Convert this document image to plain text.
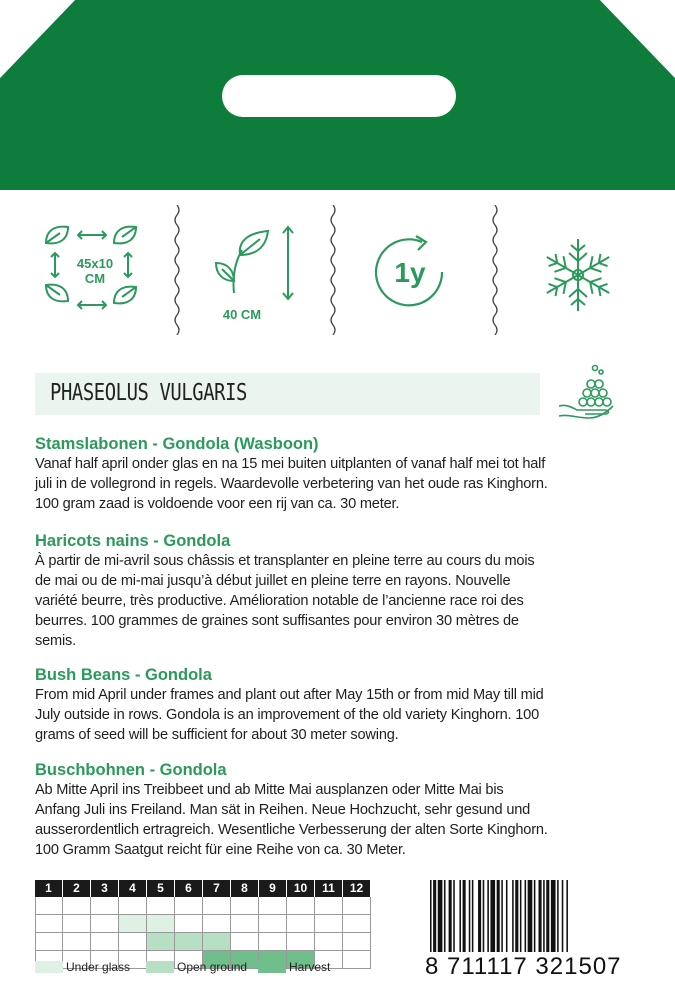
45x10
CM
40 CM
1y
PHASEOLUS VULGARIS
Stamslabonen - Gondola (Wasboon)
Vanaf half april onder glas en na 15 mei buiten uitplanten of vanaf half mei tot half
juli in de vollegrond in regels. Waardevolle verbetering van het oude ras Kinghorn.
100 gram zaad is voldoende voor een rij van ca. 30 meter.
Haricots nains - Gondola
À partir de mi-avril sous châssis et transplanter en pleine terre au cours du mois
de mai ou de mi-mai jusqu’à début juillet en pleine terre en rayons. Nouvelle
variété beurre, très productive. Amélioration notable de l’ancienne race roi des
beurres. 100 grammes de graines sont suffisantes pour environ 30 mètres de
semis.
Bush Beans - Gondola
From mid April under frames and plant out after May 15th or from mid May till mid
July outside in rows. Gondola is an improvement of the old variety Kinghorn. 100
grams of seed will be sufficient for about 30 meter sowing.
Buschbohnen - Gondola
Ab Mitte April ins Treibbeet und ab Mitte Mai ausplanzen oder Mitte Mai bis
Anfang Juli ins Freiland. Man sät in Reihen. Neue Hochzucht, sehr gesund und
ausserordentlich ertragreich. Wesentliche Verbesserung der alten Sorte Kinghorn.
100 Gramm Saatgut reicht für eine Reihe von ca. 30 Meter.
1	2	3	4	5	6	7	8	9	10	11	12
Under glass	Open ground	Harvest	8 711117 321507
